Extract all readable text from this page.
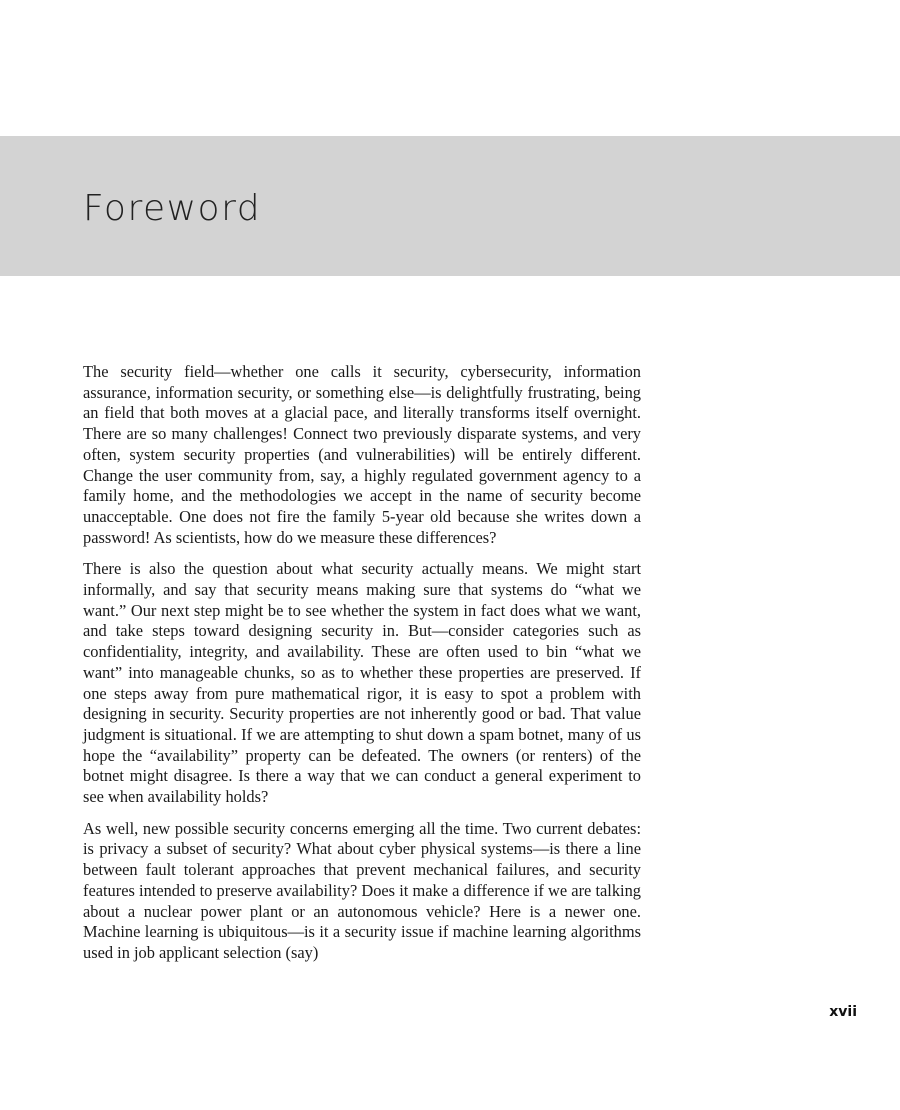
Foreword

The security field—whether one calls it security, cybersecurity, information assurance, information security, or something else—is delightfully frustrating, being an field that both moves at a glacial pace, and literally transforms itself overnight. There are so many challenges! Connect two previously disparate systems, and very often, system security properties (and vulnerabilities) will be entirely different. Change the user community from, say, a highly regulated government agency to a family home, and the methodologies we accept in the name of security become unacceptable. One does not fire the family 5-year old because she writes down a password! As scientists, how do we measure these differences?

There is also the question about what security actually means. We might start informally, and say that security means making sure that systems do “what we want.” Our next step might be to see whether the system in fact does what we want, and take steps toward designing security in. But—consider categories such as confidentiality, integrity, and availability. These are often used to bin “what we want” into manageable chunks, so as to whether these properties are preserved. If one steps away from pure mathematical rigor, it is easy to spot a problem with designing in security. Security properties are not inherently good or bad. That value judgment is situational. If we are attempting to shut down a spam botnet, many of us hope the “availability” property can be defeated. The owners (or renters) of the botnet might disagree. Is there a way that we can conduct a general experiment to see when availability holds?

As well, new possible security concerns emerging all the time. Two current debates: is privacy a subset of security? What about cyber physical systems—is there a line between fault tolerant approaches that prevent mechanical failures, and security features intended to preserve availability? Does it make a difference if we are talking about a nuclear power plant or an autonomous vehicle? Here is a newer one. Machine learning is ubiquitous—is it a security issue if machine learning algorithms used in job applicant selection (say)

xvii
